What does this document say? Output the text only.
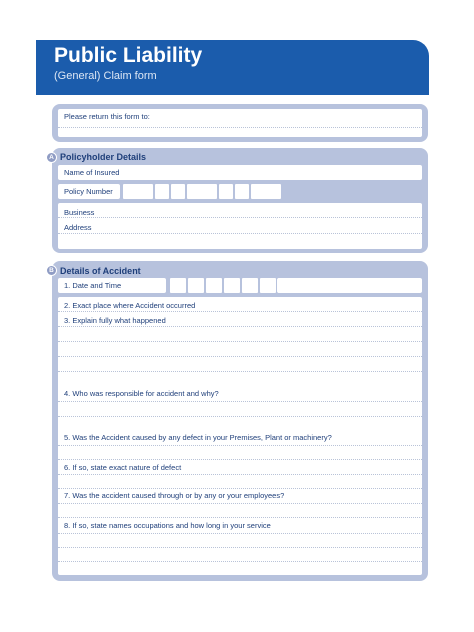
Public Liability
(General) Claim form
Please return this form to:
A Policyholder Details
Name of Insured
Policy Number
Business
Address
B Details of Accident
1. Date and Time
2. Exact place where Accident occurred
3. Explain fully what happened
4. Who was responsible for accident and why?
5. Was the Accident caused by any defect in your Premises, Plant or machinery?
6. If so, state exact nature of defect
7. Was the accident caused through or by any or your employees?
8. If so, state names occupations and how long in your service
